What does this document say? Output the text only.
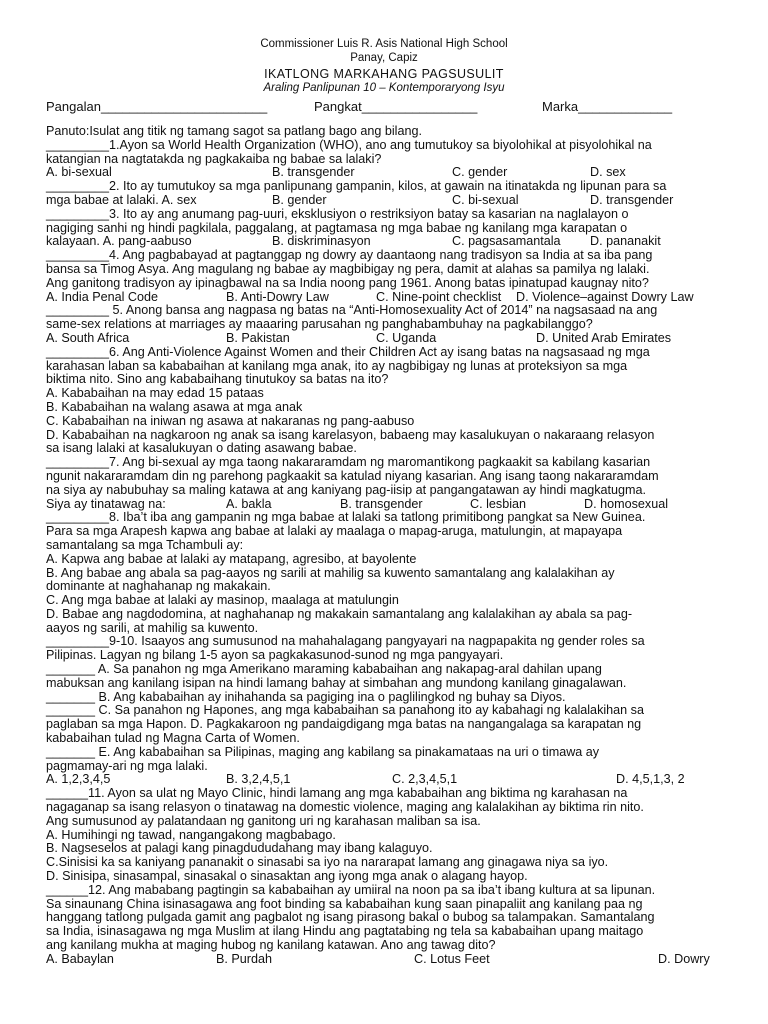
Commissioner Luis R. Asis National High School
Panay, Capiz
IKATLONG MARKAHANG PAGSUSULIT
Araling Panlipunan 10 – Kontemporaryong Isyu
Pangalan_______________________	Pangkat________________	Marka_____________

Panuto:Isulat ang titik ng tamang sagot sa patlang bago ang bilang.

_________1.Ayon sa World Health Organization (WHO), ano ang tumutukoy sa biyolohikal at pisyolohikal na

katangian na nagtatakda ng pagkakaiba ng babae sa lalaki?

A. bi-sexual	B. transgender	C. gender	D. sex

_________2. Ito ay tumutukoy sa mga panlipunang gampanin, kilos, at gawain na itinatakda ng lipunan para sa

mga babae at lalaki. A. sex	B. gender	C. bi-sexual	D. transgender

_________3. Ito ay ang anumang pag-uuri, eksklusiyon o restriksiyon batay sa kasarian na naglalayon o

nagiging sanhi ng hindi pagkilala, paggalang, at pagtamasa ng mga babae ng kanilang mga karapatan o

kalayaan. A. pang-aabuso	B. diskriminasyon	C. pagsasamantala D. pananakit

_________4. Ang pagbabayad at pagtanggap ng dowry ay daantaong nang tradisyon sa India at sa iba pang

bansa sa Timog Asya. Ang magulang ng babae ay magbibigay ng pera, damit at alahas sa pamilya ng lalaki.

Ang ganitong tradisyon ay ipinagbawal na sa India noong pang 1961. Anong batas ipinatupad kaugnay nito?

A. India Penal Code	B. Anti-Dowry Law	C. Nine-point checklist D. Violence–against Dowry Law

_________ 5. Anong bansa ang nagpasa ng batas na “Anti-Homosexuality Act of 2014” na nagsasaad na ang

same-sex relations at marriages ay maaaring parusahan ng panghabambuhay na pagkabilanggo?

A. South Africa	B. Pakistan	C. Uganda	D. United Arab Emirates

_________6. Ang Anti-Violence Against Women and their Children Act ay isang batas na nagsasaad ng mga

karahasan laban sa kababaihan at kanilang mga anak, ito ay nagbibigay ng lunas at proteksiyon sa mga

biktima nito. Sino ang kababaihang tinutukoy sa batas na ito?

A. Kababaihan na may edad 15 pataas

B. Kababaihan na walang asawa at mga anak

C. Kababaihan na iniwan ng asawa at nakaranas ng pang-aabuso

D. Kababaihan na nagkaroon ng anak sa isang karelasyon, babaeng may kasalukuyan o nakaraang relasyon

sa isang lalaki at kasalukuyan o dating asawang babae.

_________7. Ang bi-sexual ay mga taong nakararamdam ng maromantikong pagkaakit sa kabilang kasarian

ngunit nakararamdam din ng parehong pagkaakit sa katulad niyang kasarian. Ang isang taong nakararamdam

na siya ay nabubuhay sa maling katawa at ang kaniyang pag-iisip at pangangatawan ay hindi magkatugma.

Siya ay tinatawag na:	A. bakla	B. transgender	C. lesbian	D. homosexual

_________8. Iba’t iba ang gampanin ng mga babae at lalaki sa tatlong primitibong pangkat sa New Guinea.

Para sa mga Arapesh kapwa ang babae at lalaki ay maalaga o mapag-aruga, matulungin, at mapayapa

samantalang sa mga Tchambuli ay:

A. Kapwa ang babae at lalaki ay matapang, agresibo, at bayolente

B. Ang babae ang abala sa pag-aayos ng sarili at mahilig sa kuwento samantalang ang kalalakihan ay

dominante at naghahanap ng makakain.

C. Ang mga babae at lalaki ay masinop, maalaga at matulungin

D. Babae ang nagdodomina, at naghahanap ng makakain samantalang ang kalalakihan ay abala sa pag-

aayos ng sarili, at mahilig sa kuwento.

_________9-10. Isaayos ang sumusunod na mahahalagang pangyayari na nagpapakita ng gender roles sa

Pilipinas. Lagyan ng bilang 1-5 ayon sa pagkakasunod-sunod ng mga pangyayari.

_______ A. Sa panahon ng mga Amerikano maraming kababaihan ang nakapag-aral dahilan upang

mabuksan ang kanilang isipan na hindi lamang bahay at simbahan ang mundong kanilang ginagalawan.

_______ B. Ang kababaihan ay inihahanda sa pagiging ina o paglilingkod ng buhay sa Diyos.

_______ C. Sa panahon ng Hapones, ang mga kababaihan sa panahong ito ay kabahagi ng kalalakihan sa

paglaban sa mga Hapon. D. Pagkakaroon ng pandaigdigang mga batas na nangangalaga sa karapatan ng

kababaihan tulad ng Magna Carta of Women.

_______ E. Ang kababaihan sa Pilipinas, maging ang kabilang sa pinakamataas na uri o timawa ay

pagmamay-ari ng mga lalaki.

A. 1,2,3,4,5	B. 3,2,4,5,1	C. 2,3,4,5,1	D. 4,5,1,3, 2

______11. Ayon sa ulat ng Mayo Clinic, hindi lamang ang mga kababaihan ang biktima ng karahasan na

nagaganap sa isang relasyon o tinatawag na domestic violence, maging ang kalalakihan ay biktima rin nito.

Ang sumusunod ay palatandaan ng ganitong uri ng karahasan maliban sa isa.

A. Humihingi ng tawad, nangangakong magbabago.

B. Nagseselos at palagi kang pinagdududahang may ibang kalaguyo.

C.Sinisisi ka sa kaniyang pananakit o sinasabi sa iyo na nararapat lamang ang ginagawa niya sa iyo.

D. Sinisipa, sinasampal, sinasakal o sinasaktan ang iyong mga anak o alagang hayop.

______12. Ang mababang pagtingin sa kababaihan ay umiiral na noon pa sa iba’t ibang kultura at sa lipunan.

Sa sinaunang China isinasagawa ang foot binding sa kababaihan kung saan pinapaliit ang kanilang paa ng

hanggang tatlong pulgada gamit ang pagbalot ng isang pirasong bakal o bubog sa talampakan. Samantalang

sa India, isinasagawa ng mga Muslim at ilang Hindu ang pagtatabing ng tela sa kababaihan upang maitago

ang kanilang mukha at maging hubog ng kanilang katawan. Ano ang tawag dito?

A. Babaylan	B. Purdah	C. Lotus Feet	D. Dowry
